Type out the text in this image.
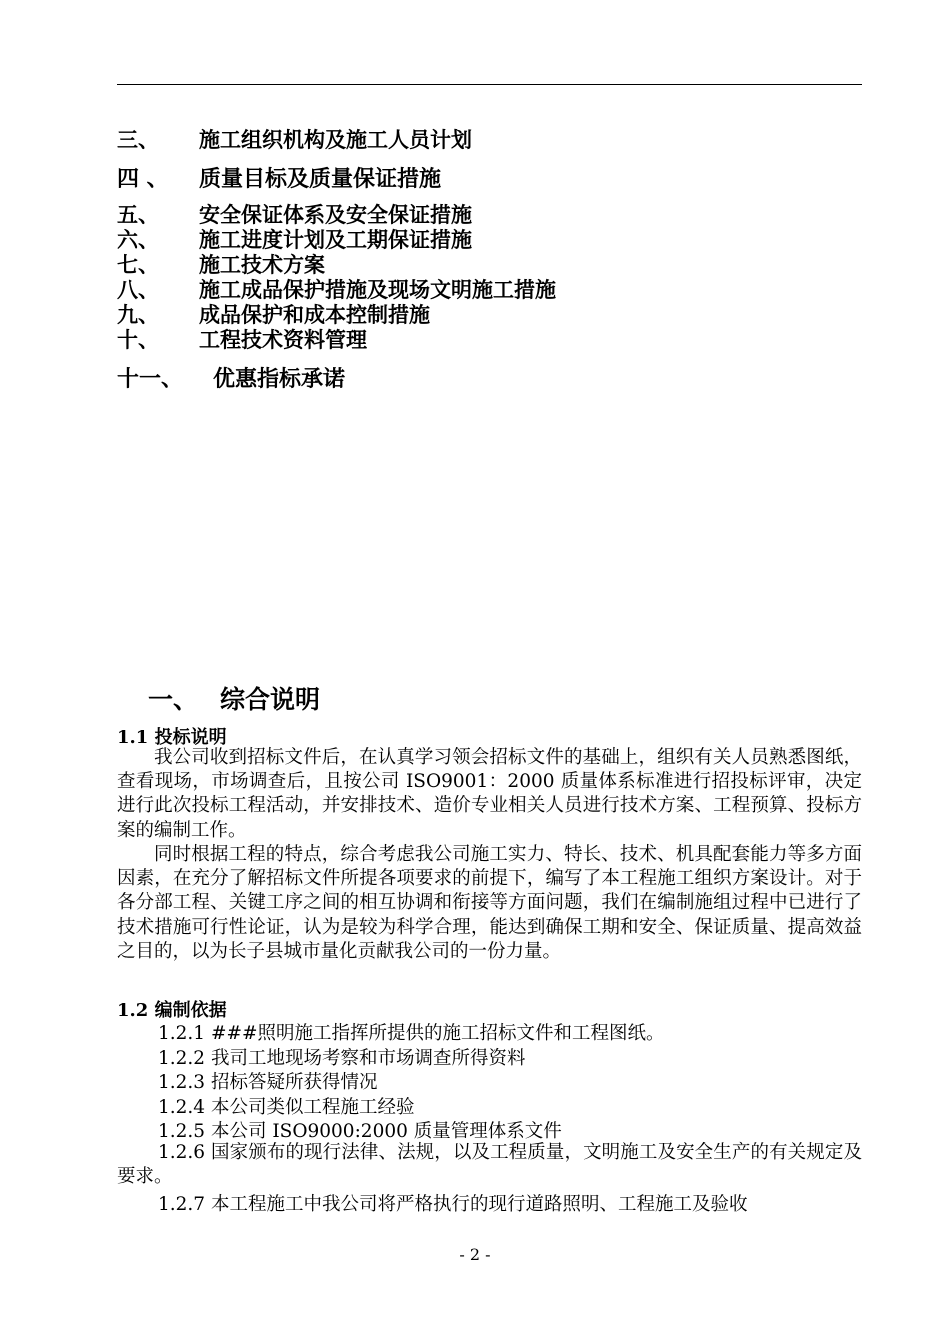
三、 施工组织机构及施工人员计划
四 、 质量目标及质量保证措施
五、 安全保证体系及安全保证措施
六、 施工进度计划及工期保证措施
七、 施工技术方案
八、 施工成品保护措施及现场文明施工措施
九、 成品保护和成本控制措施
十、 工程技术资料管理
十一、 优惠指标承诺
一、 综合说明
1.1 投标说明
我公司收到招标文件后，在认真学习领会招标文件的基础上，组织有关人员熟悉图纸，查看现场，市场调查后，且按公司 ISO9001：2000 质量体系标准进行招投标评审，决定进行此次投标工程活动，并安排技术、造价专业相关人员进行技术方案、工程预算、投标方案的编制工作。
同时根据工程的特点，综合考虑我公司施工实力、特长、技术、机具配套能力等多方面因素，在充分了解招标文件所提各项要求的前提下，编写了本工程施工组织方案设计。对于各分部工程、关键工序之间的相互协调和衔接等方面问题，我们在编制施组过程中已进行了技术措施可行性论证，认为是较为科学合理，能达到确保工期和安全、保证质量、提高效益之目的，以为长子县城市量化贡献我公司的一份力量。
1.2 编制依据
1.2.1 ###照明施工指挥所提供的施工招标文件和工程图纸。
1.2.2 我司工地现场考察和市场调查所得资料
1.2.3 招标答疑所获得情况
1.2.4 本公司类似工程施工经验
1.2.5 本公司 ISO9000:2000 质量管理体系文件
1.2.6 国家颁布的现行法律、法规，以及工程质量，文明施工及安全生产的有关规定及要求。
1.2.7 本工程施工中我公司将严格执行的现行道路照明、工程施工及验收
- 2 -
